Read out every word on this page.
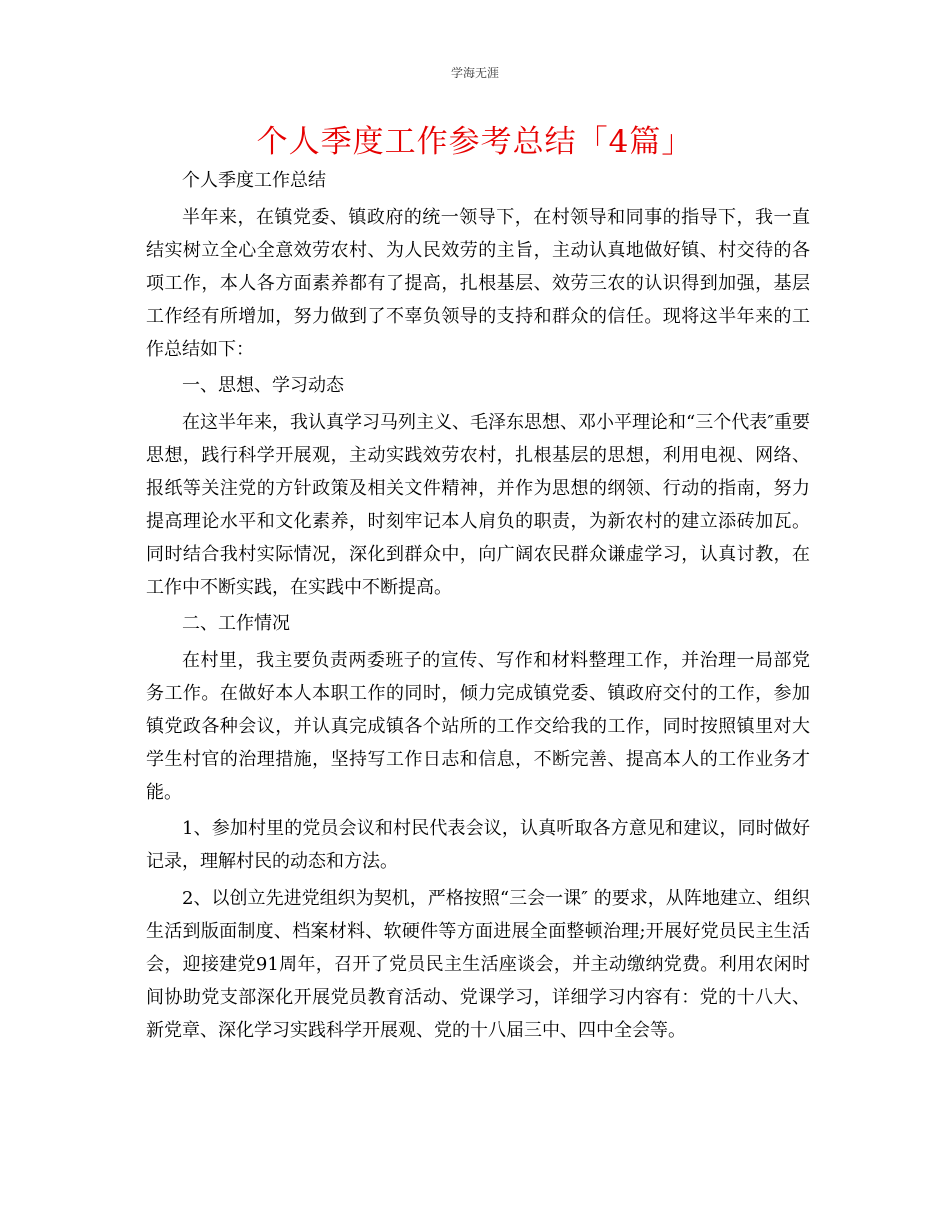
学海无涯
个人季度工作参考总结「4篇」

个人季度工作总结

半年来，在镇党委、镇政府的统一领导下，在村领导和同事的指导下，我一直结实树立全心全意效劳农村、为人民效劳的主旨，主动认真地做好镇、村交待的各项工作，本人各方面素养都有了提高，扎根基层、效劳三农的认识得到加强，基层工作经有所增加，努力做到了不辜负领导的支持和群众的信任。现将这半年来的工作总结如下：

一、思想、学习动态

在这半年来，我认真学习马列主义、毛泽东思想、邓小平理论和“三个代表″重要思想，践行科学开展观，主动实践效劳农村，扎根基层的思想，利用电视、网络、报纸等关注党的方针政策及相关文件精神，并作为思想的纲领、行动的指南，努力提高理论水平和文化素养，时刻牢记本人肩负的职责，为新农村的建立添砖加瓦。同时结合我村实际情况，深化到群众中，向广阔农民群众谦虚学习，认真讨教，在工作中不断实践，在实践中不断提高。

二、工作情况

在村里，我主要负责两委班子的宣传、写作和材料整理工作，并治理一局部党务工作。在做好本人本职工作的同时，倾力完成镇党委、镇政府交付的工作，参加镇党政各种会议，并认真完成镇各个站所的工作交给我的工作，同时按照镇里对大学生村官的治理措施，坚持写工作日志和信息，不断完善、提高本人的工作业务才能。

1、参加村里的党员会议和村民代表会议，认真听取各方意见和建议，同时做好记录，理解村民的动态和方法。

2、以创立先进党组织为契机，严格按照“三会一课″ 的要求，从阵地建立、组织生活到版面制度、档案材料、软硬件等方面进展全面整顿治理;开展好党员民主生活会，迎接建党91周年，召开了党员民主生活座谈会，并主动缴纳党费。利用农闲时间协助党支部深化开展党员教育活动、党课学习，详细学习内容有：党的十八大、新党章、深化学习实践科学开展观、党的十八届三中、四中全会等。
